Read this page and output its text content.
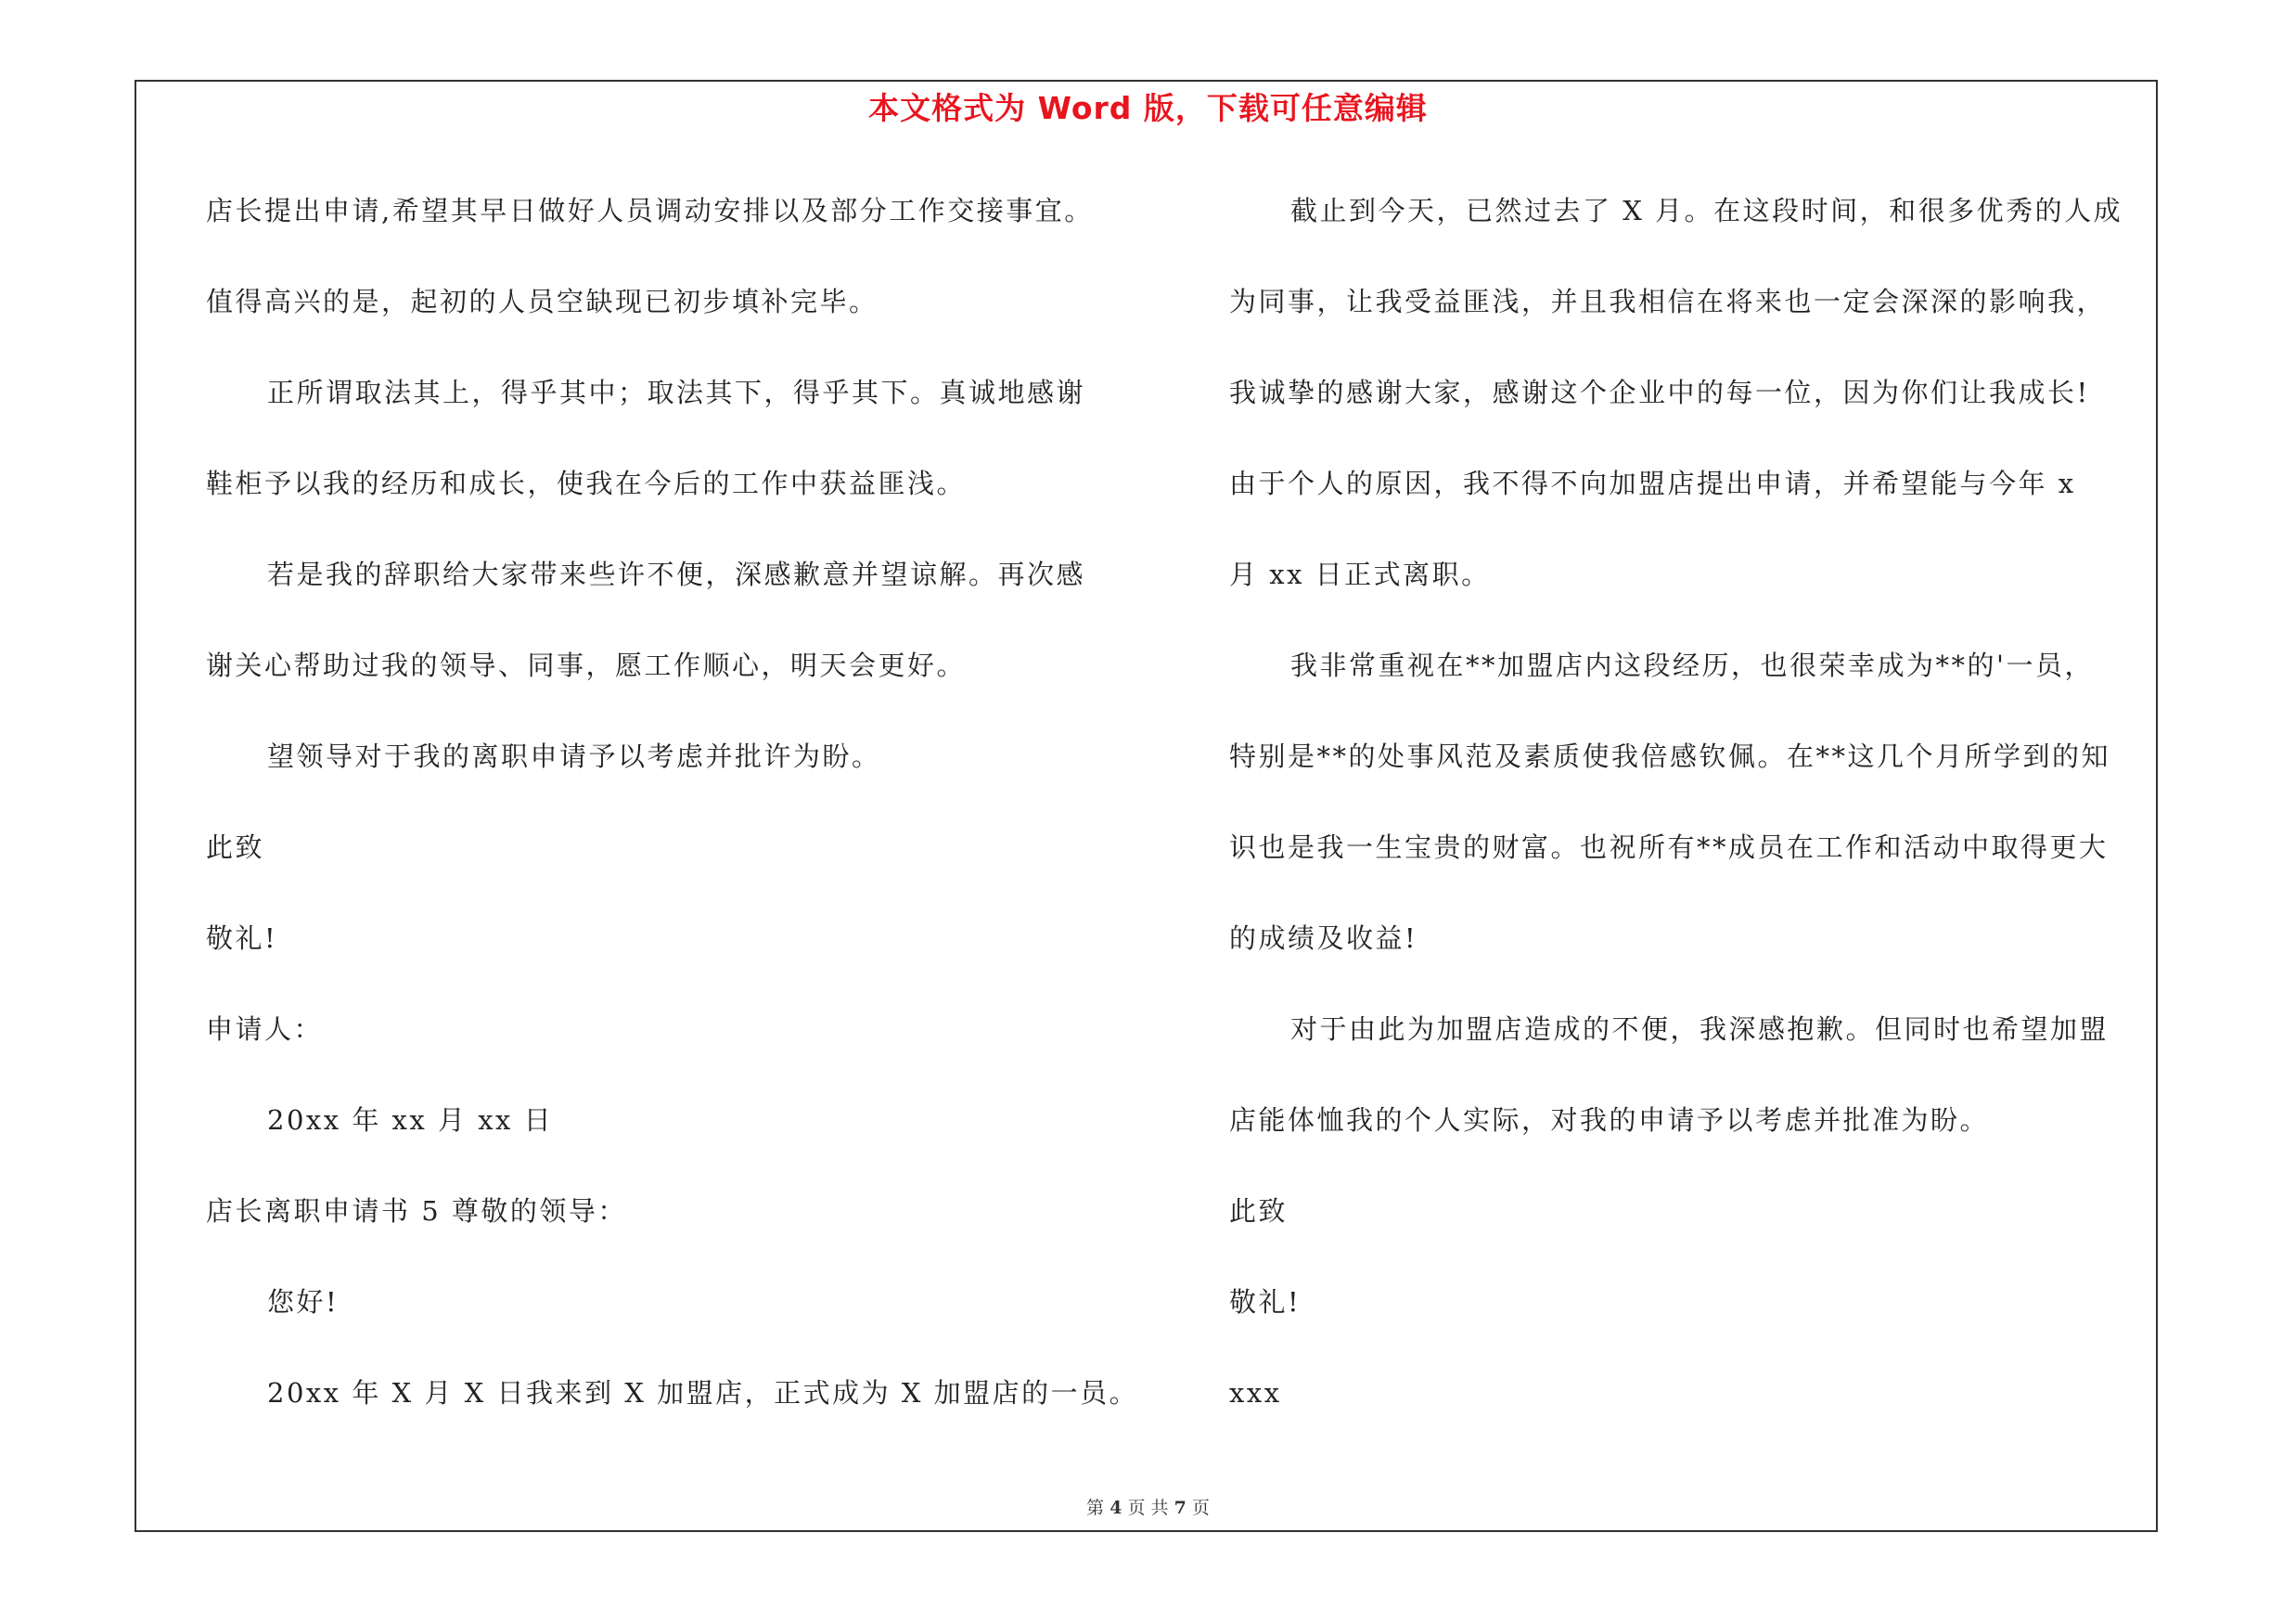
本文格式为 Word 版，下载可任意编辑
店长提出申请,希望其早日做好人员调动安排以及部分工作交接事宜。
值得高兴的是，起初的人员空缺现已初步填补完毕。
正所谓取法其上，得乎其中；取法其下，得乎其下。真诚地感谢
鞋柜予以我的经历和成长，使我在今后的工作中获益匪浅。
若是我的辞职给大家带来些许不便，深感歉意并望谅解。再次感
谢关心帮助过我的领导、同事，愿工作顺心，明天会更好。
望领导对于我的离职申请予以考虑并批许为盼。
此致
敬礼!
申请人：
20xx 年 xx 月 xx 日
店长离职申请书 5 尊敬的领导：
您好!
20xx 年 X 月 X 日我来到 X 加盟店，正式成为 X 加盟店的一员。
截止到今天，已然过去了 X 月。在这段时间，和很多优秀的人成
为同事，让我受益匪浅，并且我相信在将来也一定会深深的影响我，
我诚挚的感谢大家，感谢这个企业中的每一位，因为你们让我成长!
由于个人的原因，我不得不向加盟店提出申请，并希望能与今年 x
月 xx 日正式离职。
我非常重视在**加盟店内这段经历，也很荣幸成为**的'一员，
特别是**的处事风范及素质使我倍感钦佩。在**这几个月所学到的知
识也是我一生宝贵的财富。也祝所有**成员在工作和活动中取得更大
的成绩及收益!
对于由此为加盟店造成的不便，我深感抱歉。但同时也希望加盟
店能体恤我的个人实际，对我的申请予以考虑并批准为盼。
此致
敬礼!
xxx
第 4 页 共 7 页
